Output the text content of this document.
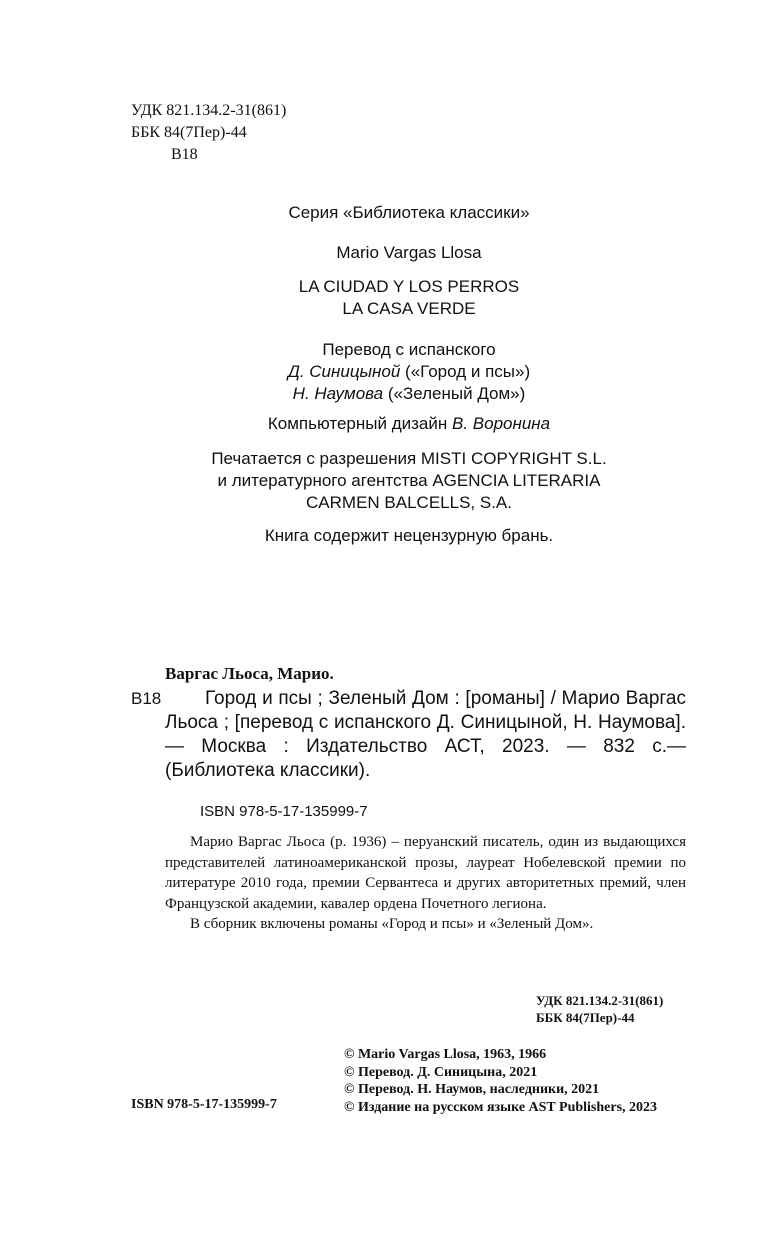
УДК 821.134.2-31(861)
ББК 84(7Пер)-44
В18
Серия «Библиотека классики»
Mario Vargas Llosa
LA CIUDAD Y LOS PERROS
LA CASA VERDE
Перевод с испанского
Д. Синицыной («Город и псы»)
Н. Наумова («Зеленый Дом»)
Компьютерный дизайн В. Воронина
Печатается с разрешения MISTI COPYRIGHT S.L.
и литературного агентства AGENCIA LITERARIA
CARMEN BALCELLS, S.A.
Книга содержит нецензурную брань.
Варгас Льоса, Марио.
В18	Город и псы ; Зеленый Дом : [романы] / Марио Варгас Льоса ; [перевод с испанского Д. Синицыной, Н. Наумова]. — Москва : Издательство АСТ, 2023. — 832 с.— (Библиотека классики).
ISBN 978-5-17-135999-7

Марио Варгас Льоса (р. 1936) – перуанский писатель, один из выдающихся представителей латиноамериканской прозы, лауреат Нобелевской премии по литературе 2010 года, премии Сервантеса и других авторитетных премий, член Французской академии, кавалер ордена Почетного легиона.

В сборник включены романы «Город и псы» и «Зеленый Дом».

УДК 821.134.2-31(861)
ББК 84(7Пер)-44
© Mario Vargas Llosa, 1963, 1966
© Перевод. Д. Синицына, 2021
© Перевод. Н. Наумов, наследники, 2021
© Издание на русском языке AST Publishers, 2023
ISBN 978-5-17-135999-7
